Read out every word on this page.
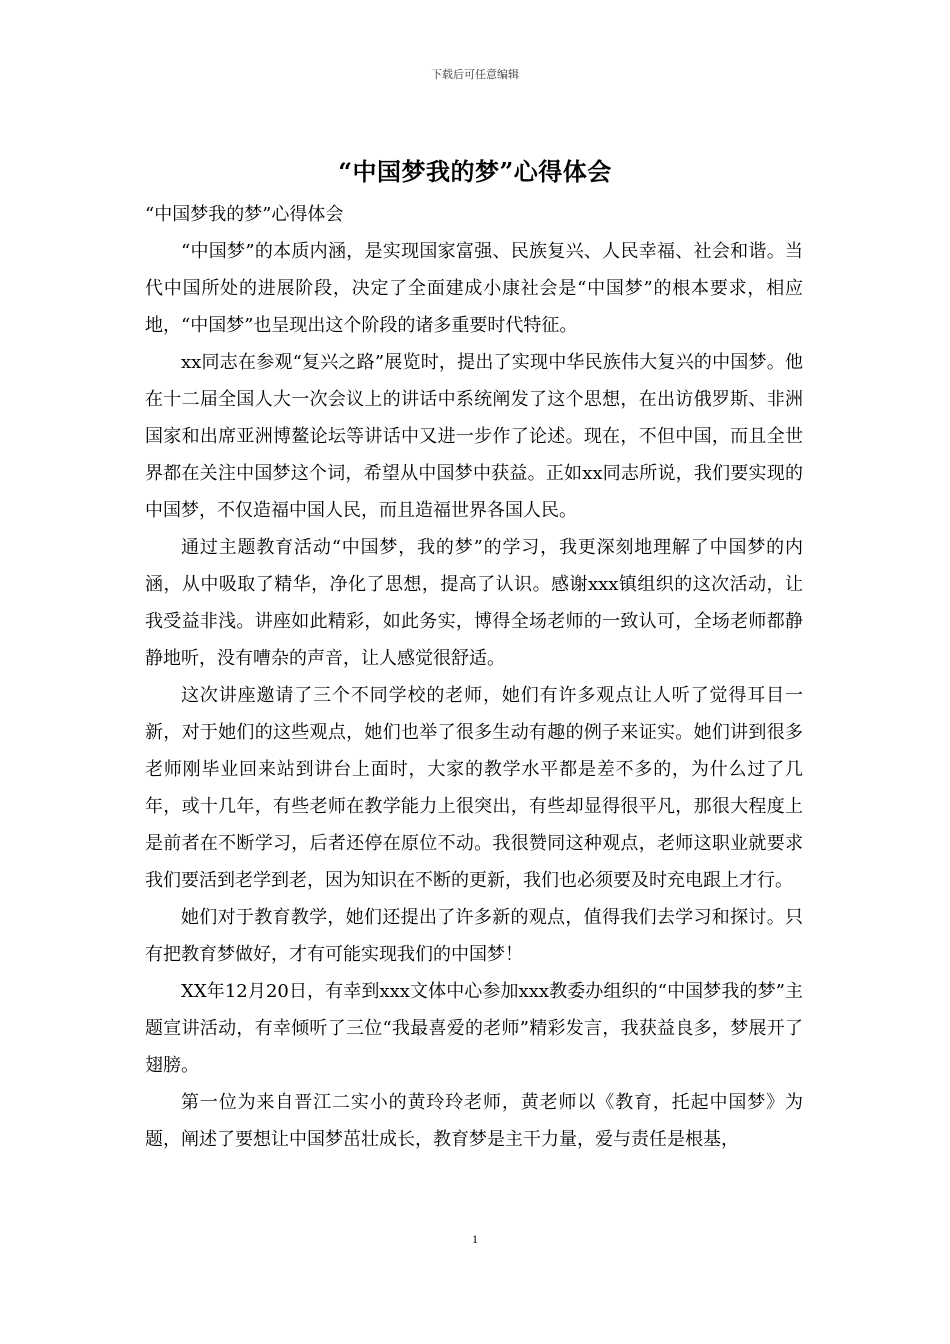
下载后可任意编辑
“中国梦我的梦”心得体会

“中国梦我的梦”心得体会

“中国梦”的本质内涵，是实现国家富强、民族复兴、人民幸福、社会和谐。当代中国所处的进展阶段，决定了全面建成小康社会是“中国梦”的根本要求，相应地，“中国梦”也呈现出这个阶段的诸多重要时代特征。

xx同志在参观“复兴之路”展览时，提出了实现中华民族伟大复兴的中国梦。他在十二届全国人大一次会议上的讲话中系统阐发了这个思想，在出访俄罗斯、非洲国家和出席亚洲博鳌论坛等讲话中又进一步作了论述。现在，不但中国，而且全世界都在关注中国梦这个词，希望从中国梦中获益。正如xx同志所说，我们要实现的中国梦，不仅造福中国人民，而且造福世界各国人民。

通过主题教育活动“中国梦，我的梦”的学习，我更深刻地理解了中国梦的内涵，从中吸取了精华，净化了思想，提高了认识。感谢xxx镇组织的这次活动，让我受益非浅。讲座如此精彩，如此务实，博得全场老师的一致认可，全场老师都静静地听，没有嘈杂的声音，让人感觉很舒适。

这次讲座邀请了三个不同学校的老师，她们有许多观点让人听了觉得耳目一新，对于她们的这些观点，她们也举了很多生动有趣的例子来证实。她们讲到很多老师刚毕业回来站到讲台上面时，大家的教学水平都是差不多的，为什么过了几年，或十几年，有些老师在教学能力上很突出，有些却显得很平凡，那很大程度上是前者在不断学习，后者还停在原位不动。我很赞同这种观点，老师这职业就要求我们要活到老学到老，因为知识在不断的更新，我们也必须要及时充电跟上才行。

她们对于教育教学，她们还提出了许多新的观点，值得我们去学习和探讨。只有把教育梦做好，才有可能实现我们的中国梦！

XX年12月20日，有幸到xxx文体中心参加xxx教委办组织的“中国梦我的梦”主题宣讲活动，有幸倾听了三位“我最喜爱的老师”精彩发言，我获益良多，梦展开了翅膀。

第一位为来自晋江二实小的黄玲玲老师，黄老师以《教育，托起中国梦》为题，阐述了要想让中国梦茁壮成长，教育梦是主干力量，爱与责任是根基，

1
